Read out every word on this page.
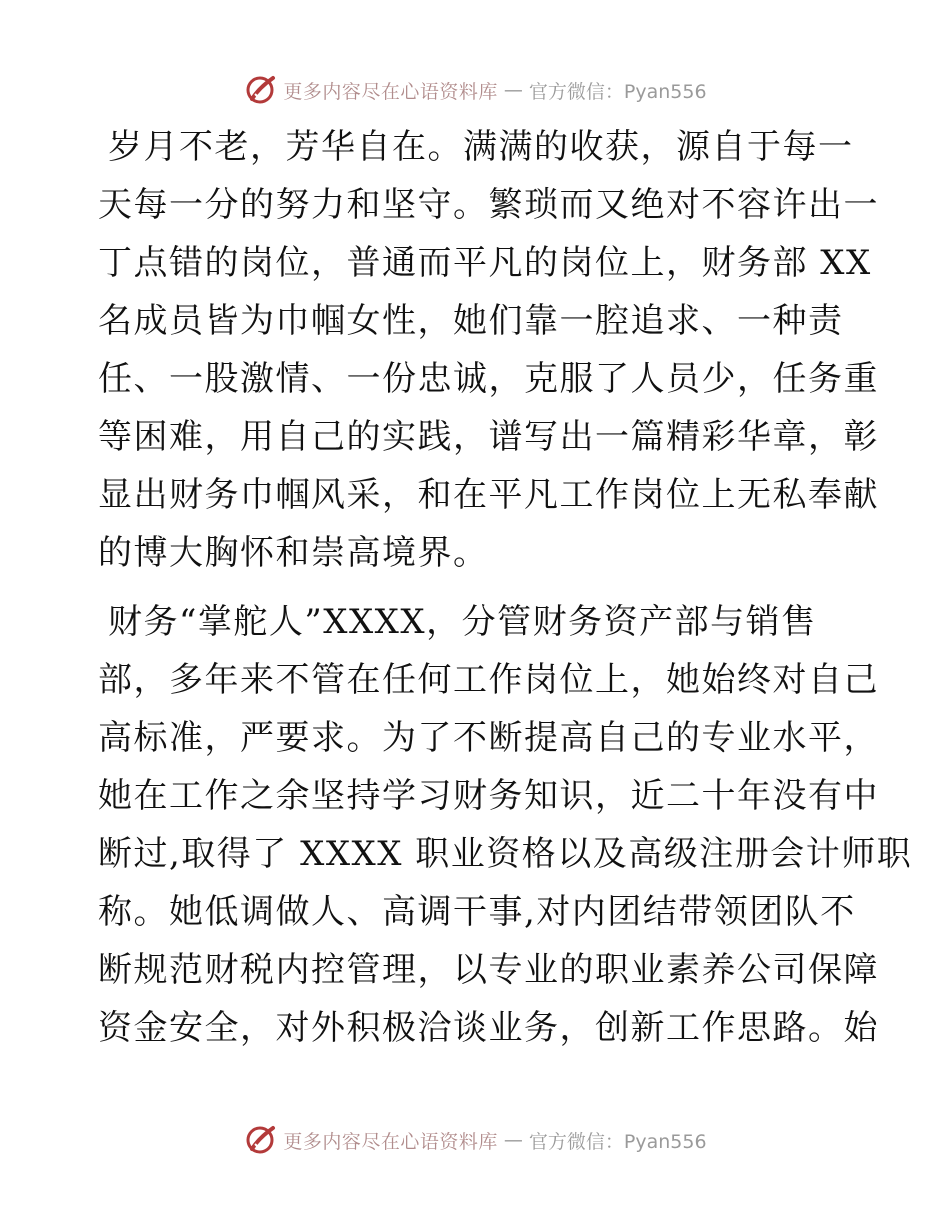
更多内容尽在心语资料库 — 官方微信：Pyan556
岁月不老，芳华自在。满满的收获，源自于每一
天每一分的努力和坚守。繁琐而又绝对不容许出一
丁点错的岗位，普通而平凡的岗位上，财务部 XX
名成员皆为巾帼女性，她们靠一腔追求、一种责
任、一股激情、一份忠诚，克服了人员少，任务重
等困难，用自己的实践，谱写出一篇精彩华章，彰
显出财务巾帼风采，和在平凡工作岗位上无私奉献
的博大胸怀和崇高境界。
财务“掌舵人”XXXX，分管财务资产部与销售
部，多年来不管在任何工作岗位上，她始终对自己
高标准，严要求。为了不断提高自己的专业水平，
她在工作之余坚持学习财务知识，近二十年没有中
断过,取得了 XXXX 职业资格以及高级注册会计师职
称。她低调做人、高调干事,对内团结带领团队不
断规范财税内控管理，以专业的职业素养公司保障
资金安全，对外积极洽谈业务，创新工作思路。始
更多内容尽在心语资料库 — 官方微信：Pyan556
